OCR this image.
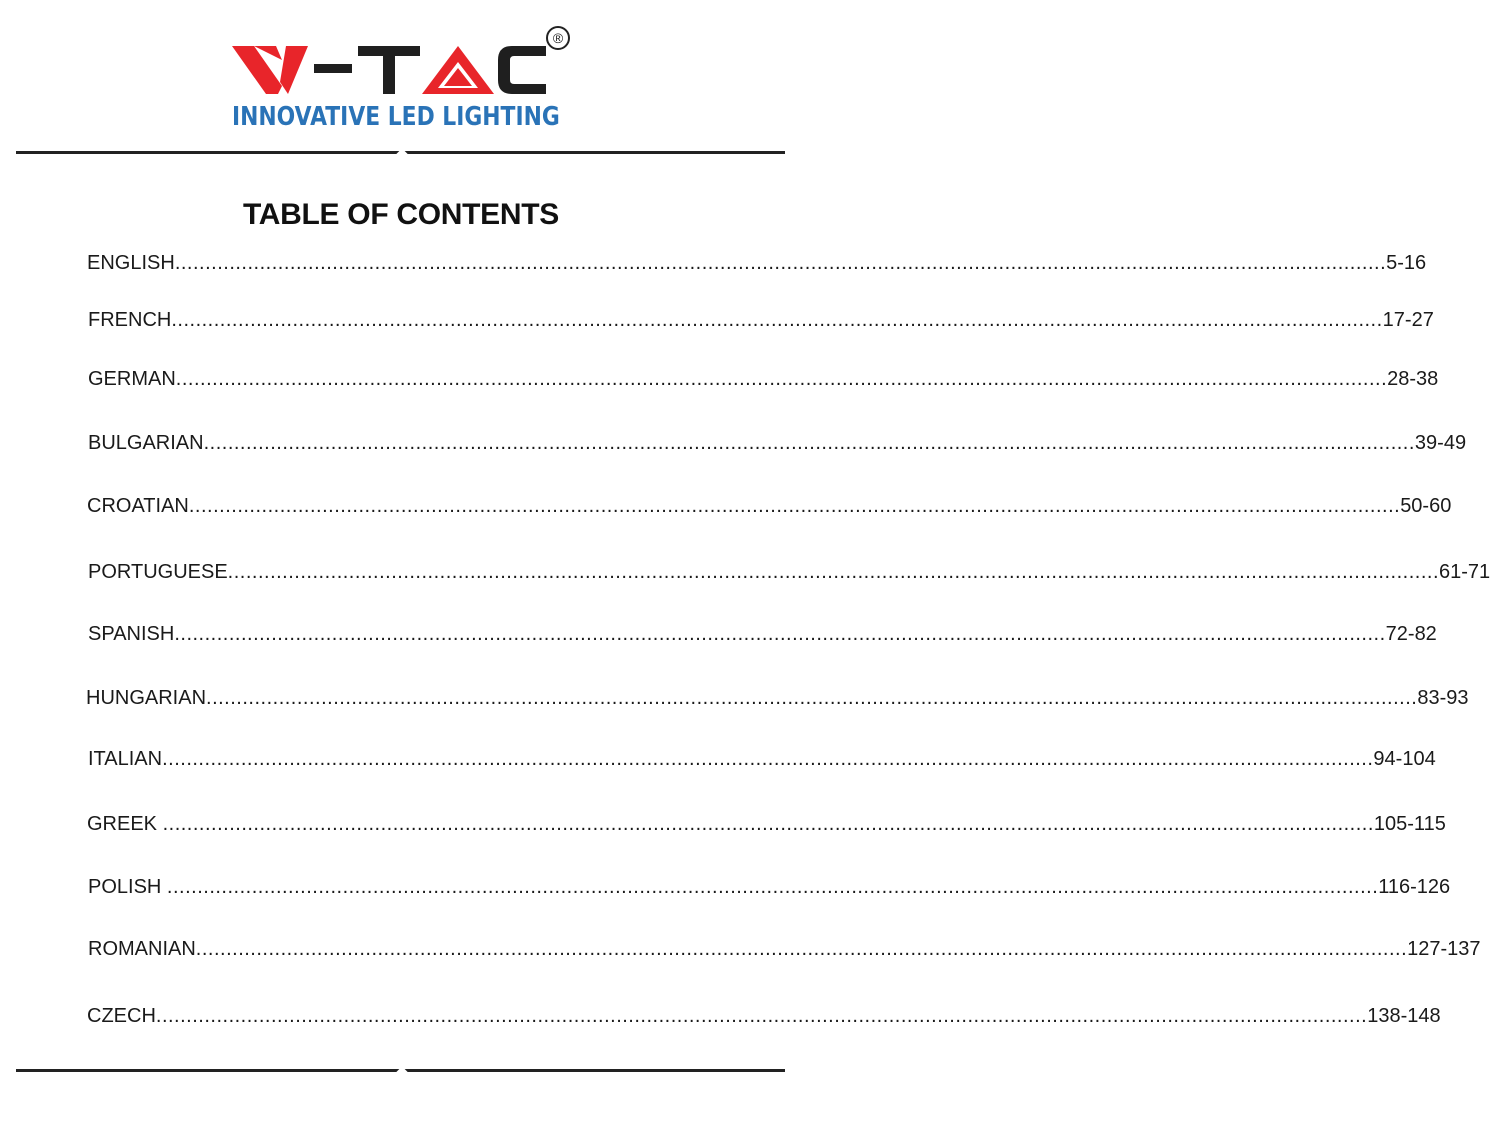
®
INNOVATIVE LED LIGHTING
TABLE OF CONTENTS
ENGLISH ........................................................................................................................................................................................................ 5-16
FRENCH ........................................................................................................................................................................................................ 17-27
GERMAN ........................................................................................................................................................................................................ 28-38
BULGARIAN ........................................................................................................................................................................................................ 39-49
CROATIAN ........................................................................................................................................................................................................ 50-60
PORTUGUESE ........................................................................................................................................................................................................ 61-71
SPANISH ........................................................................................................................................................................................................ 72-82
HUNGARIAN ........................................................................................................................................................................................................ 83-93
ITALIAN ........................................................................................................................................................................................................ 94-104
GREEK ........................................................................................................................................................................................................ 105-115
POLISH ........................................................................................................................................................................................................ 116-126
ROMANIAN ........................................................................................................................................................................................................ 127-137
CZECH ........................................................................................................................................................................................................ 138-148
